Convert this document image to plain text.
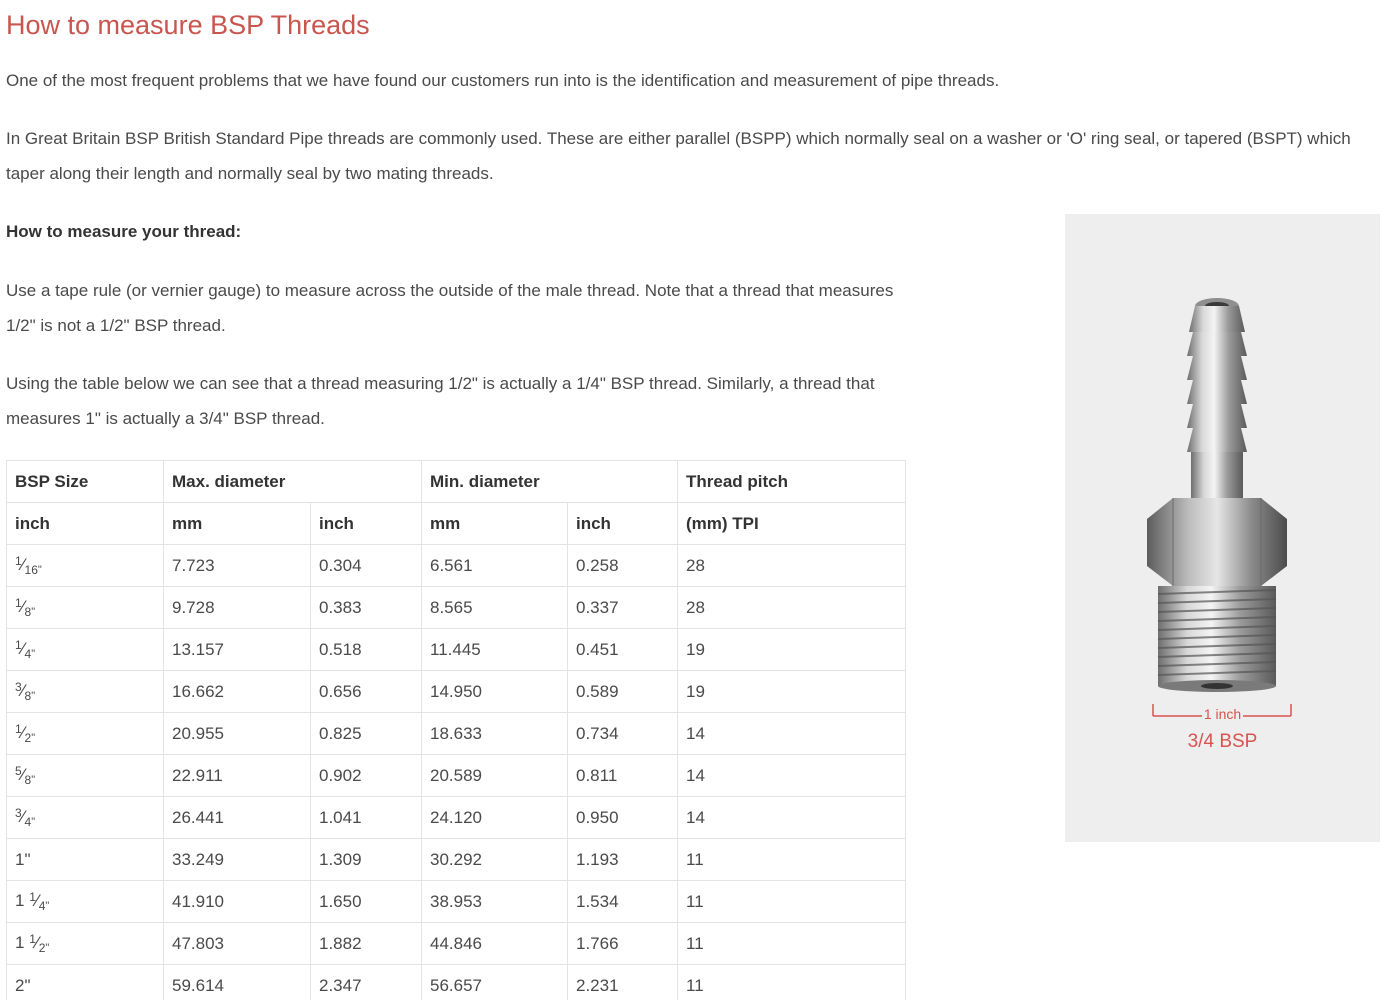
How to measure BSP Threads

One of the most frequent problems that we have found our customers run into is the identification and measurement of pipe threads.

In Great Britain BSP British Standard Pipe threads are commonly used. These are either parallel (BSPP) which normally seal on a washer or 'O' ring seal, or tapered (BSPT) which taper along their length and normally seal by two mating threads.

How to measure your thread:

Use a tape rule (or vernier gauge) to measure across the outside of the male thread. Note that a thread that measures 1/2" is not a 1/2" BSP thread.

Using the table below we can see that a thread measuring 1/2" is actually a 1/4" BSP thread. Similarly, a thread that measures 1" is actually a 3/4" BSP thread.

BSP Size	Max. diameter		Min. diameter		Thread pitch
inch	mm	inch	mm	inch	(mm) TPI
$^1⁄_{16}$"	7.723	0.304	6.561	0.258	28
$^1⁄_8$"	9.728	0.383	8.565	0.337	28
$^1⁄_4$"	13.157	0.518	11.445	0.451	19
$^3⁄_8$"	16.662	0.656	14.950	0.589	19
$^1⁄_2$"	20.955	0.825	18.633	0.734	14
$^5⁄_8$"	22.911	0.902	20.589	0.811	14
$^3⁄_4$"	26.441	1.041	24.120	0.950	14
1"	33.249	1.309	30.292	1.193	11
1 $^1⁄_4$"	41.910	1.650	38.953	1.534	11
1 $^1⁄_2$"	47.803	1.882	44.846	1.766	11
2"	59.614	2.347	56.657	2.231	11
1 inch
3/4 BSP
